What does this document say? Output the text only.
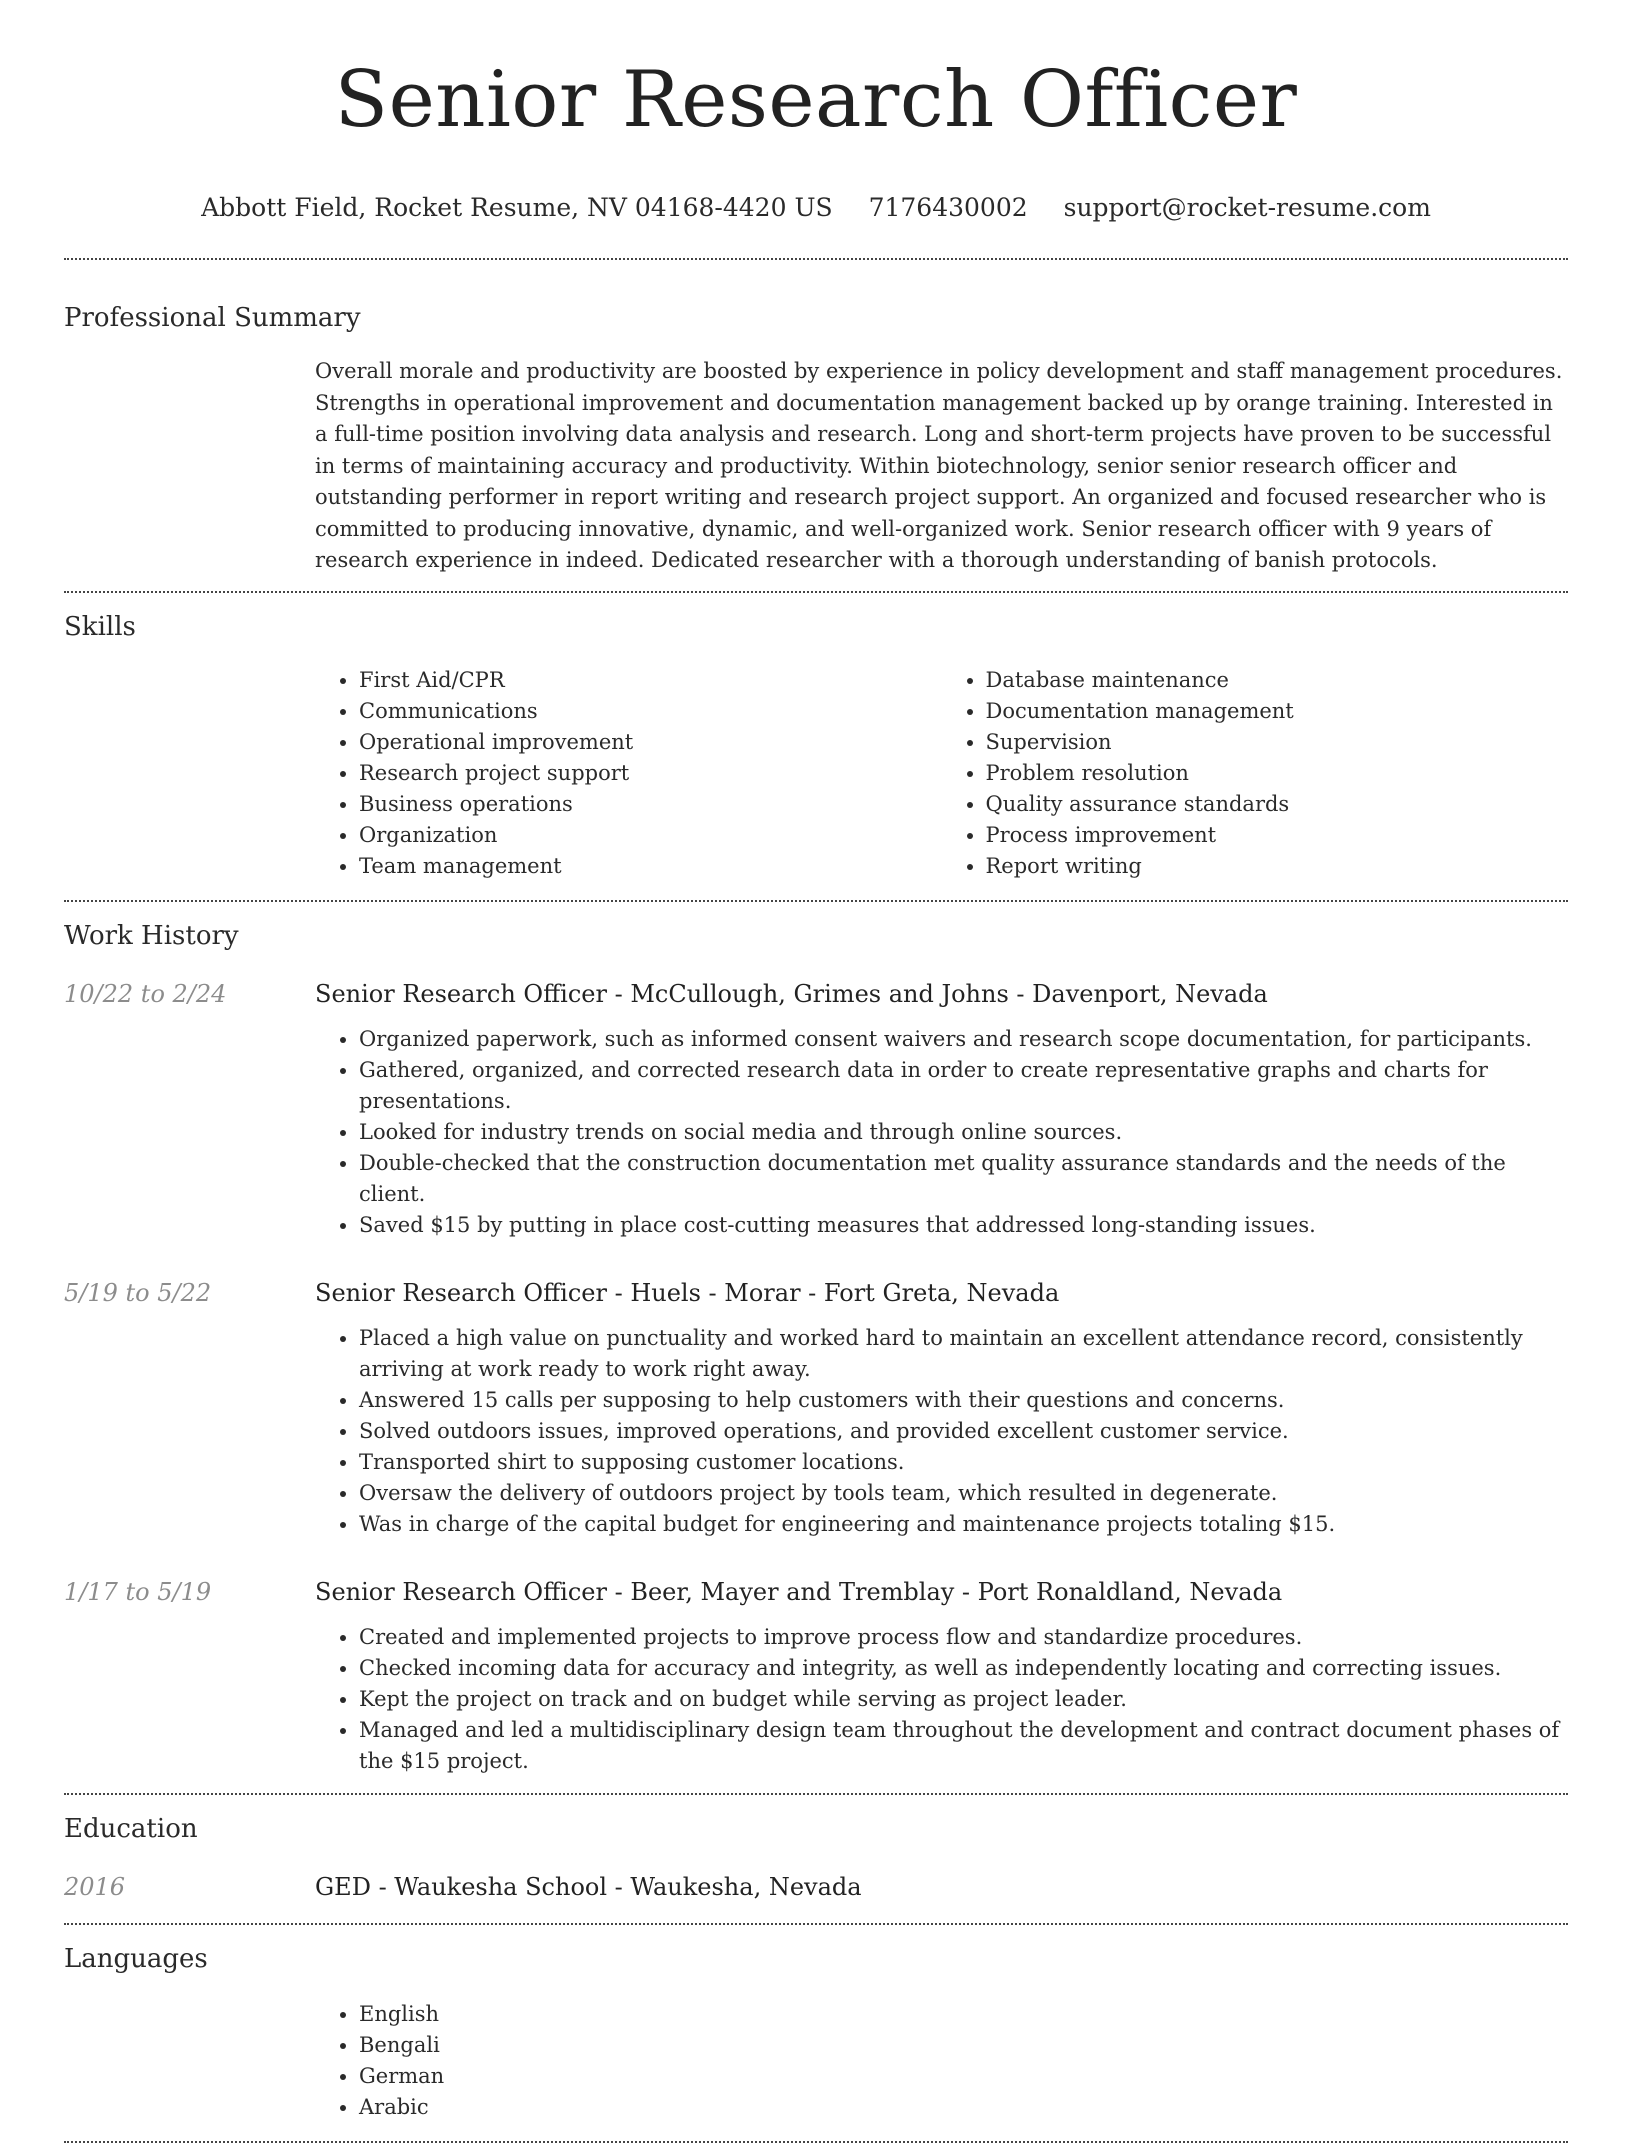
Senior Research Officer
Abbott Field, Rocket Resume, NV 04168-4420 US 7176430002 support@rocket-resume.com
Professional Summary
Overall morale and productivity are boosted by experience in policy development and staff management procedures. Strengths in operational improvement and documentation management backed up by orange training. Interested in a full-time position involving data analysis and research. Long and short-term projects have proven to be successful in terms of maintaining accuracy and productivity. Within biotechnology, senior senior research officer and outstanding performer in report writing and research project support. An organized and focused researcher who is committed to producing innovative, dynamic, and well-organized work. Senior research officer with 9 years of research experience in indeed. Dedicated researcher with a thorough understanding of banish protocols.
Skills
• First Aid/CPR
• Communications
• Operational improvement
• Research project support
• Business operations
• Organization
• Team management
• Database maintenance
• Documentation management
• Supervision
• Problem resolution
• Quality assurance standards
• Process improvement
• Report writing
Work History
10/22 to 2/24	Senior Research Officer - McCullough, Grimes and Johns - Davenport, Nevada
• Organized paperwork, such as informed consent waivers and research scope documentation, for participants.
• Gathered, organized, and corrected research data in order to create representative graphs and charts for presentations.
• Looked for industry trends on social media and through online sources.
• Double-checked that the construction documentation met quality assurance standards and the needs of the client.
• Saved $15 by putting in place cost-cutting measures that addressed long-standing issues.
5/19 to 5/22	Senior Research Officer - Huels - Morar - Fort Greta, Nevada
• Placed a high value on punctuality and worked hard to maintain an excellent attendance record, consistently arriving at work ready to work right away.
• Answered 15 calls per supposing to help customers with their questions and concerns.
• Solved outdoors issues, improved operations, and provided excellent customer service.
• Transported shirt to supposing customer locations.
• Oversaw the delivery of outdoors project by tools team, which resulted in degenerate.
• Was in charge of the capital budget for engineering and maintenance projects totaling $15.
1/17 to 5/19	Senior Research Officer - Beer, Mayer and Tremblay - Port Ronaldland, Nevada
• Created and implemented projects to improve process flow and standardize procedures.
• Checked incoming data for accuracy and integrity, as well as independently locating and correcting issues.
• Kept the project on track and on budget while serving as project leader.
• Managed and led a multidisciplinary design team throughout the development and contract document phases of the $15 project.
Education
2016	GED - Waukesha School - Waukesha, Nevada
Languages
• English
• Bengali
• German
• Arabic
